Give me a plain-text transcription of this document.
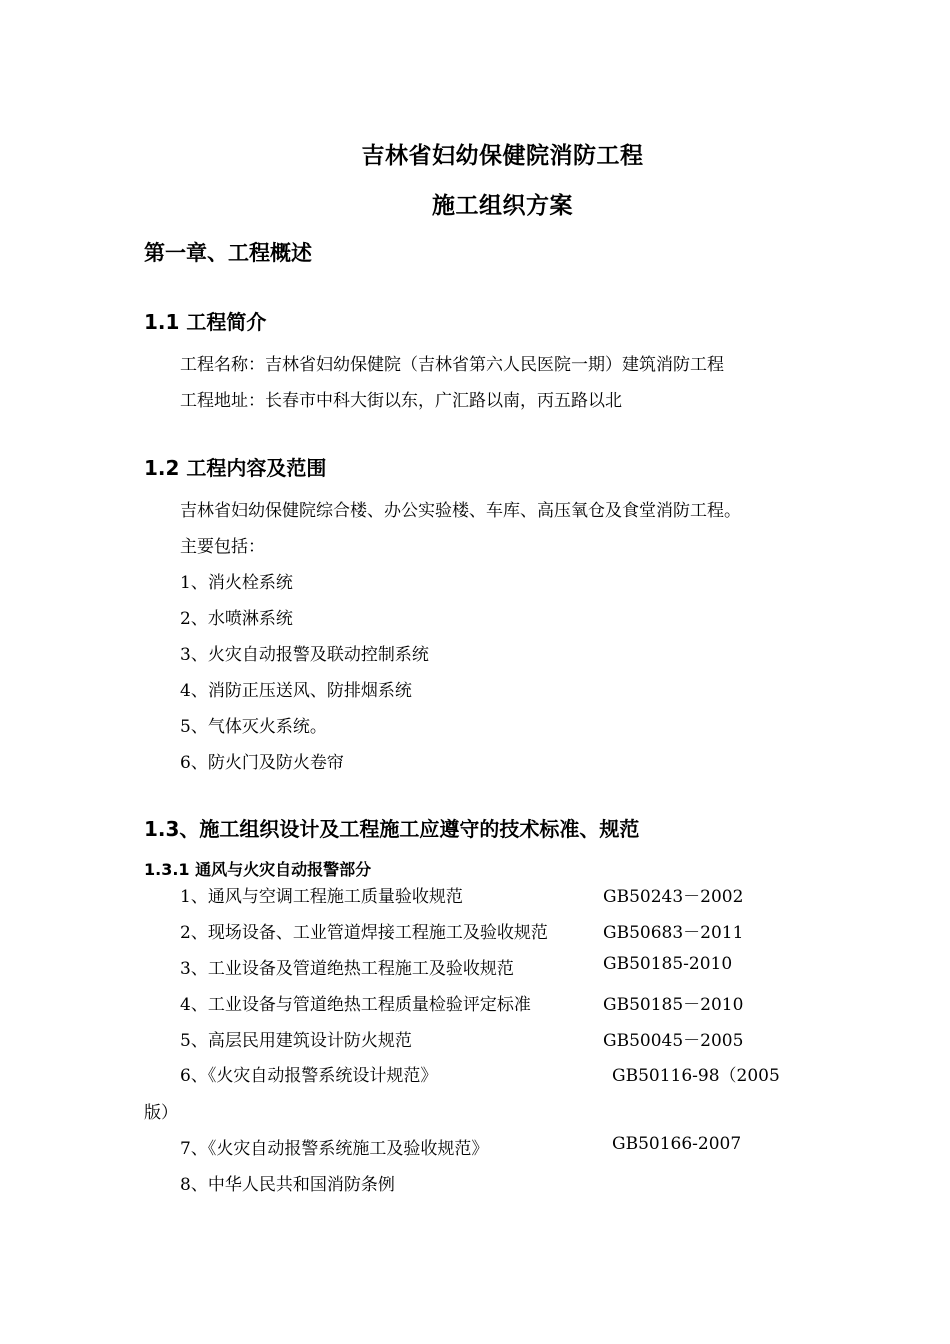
吉林省妇幼保健院消防工程
施工组织方案
第一章、工程概述
1.1 工程简介
工程名称：吉林省妇幼保健院（吉林省第六人民医院一期）建筑消防工程
工程地址：长春市中科大街以东，广汇路以南，丙五路以北
1.2 工程内容及范围
吉林省妇幼保健院综合楼、办公实验楼、车库、高压氧仓及食堂消防工程。
主要包括：
1、消火栓系统
2、水喷淋系统
3、火灾自动报警及联动控制系统
4、消防正压送风、防排烟系统
5、气体灭火系统。
6、防火门及防火卷帘
1.3、施工组织设计及工程施工应遵守的技术标准、规范
1.3.1 通风与火灾自动报警部分
1、通风与空调工程施工质量验收规范	GB50243－2002
2、现场设备、工业管道焊接工程施工及验收规范	GB50683－2011
3、工业设备及管道绝热工程施工及验收规范	GB50185-2010
4、工业设备与管道绝热工程质量检验评定标准	GB50185－2010
5、高层民用建筑设计防火规范	GB50045－2005
6、《火灾自动报警系统设计规范》	GB50116-98（2005
版）
7、《火灾自动报警系统施工及验收规范》	GB50166-2007
8、中华人民共和国消防条例
